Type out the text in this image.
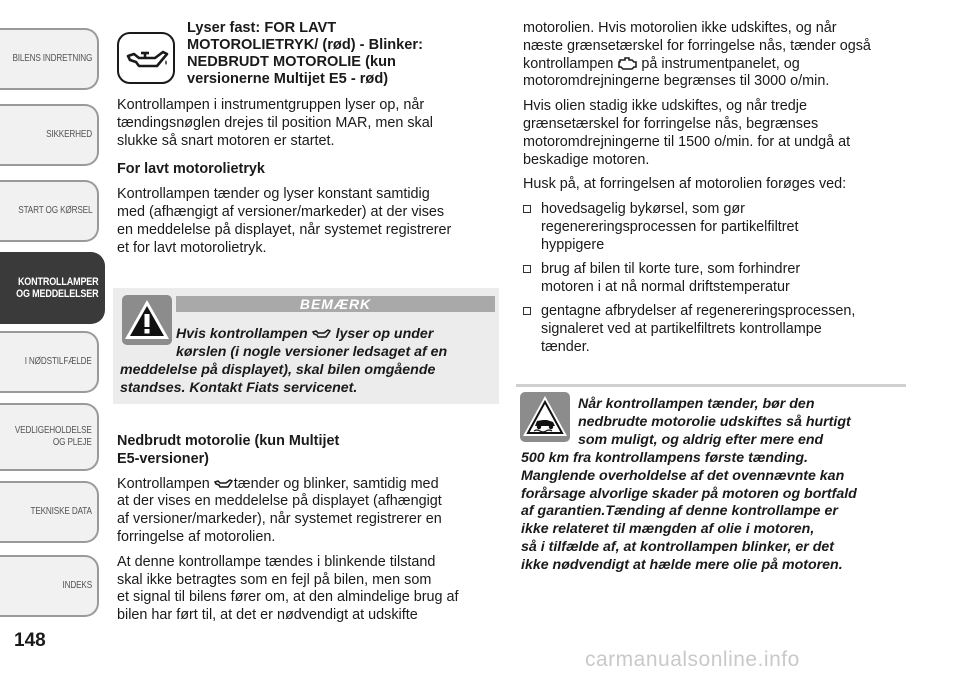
BILENS INDRETNING
SIKKERHED
START OG KØRSEL
KONTROLLAMPER
OG MEDDELELSER
I NØDSTILFÆLDE
VEDLIGEHOLDELSE
OG PLEJE
TEKNISKE DATA
INDEKS
148
Lyser fast: FOR LAVT
MOTOROLIETRYK/ (rød) - Blinker:
NEDBRUDT MOTOROLIE (kun
versionerne Multijet E5 - rød)

Kontrollampen i instrumentgruppen lyser op, når
tændingsnøglen drejes til position MAR, men skal
slukke så snart motoren er startet.

For lavt motorolietryk

Kontrollampen tænder og lyser konstant samtidig
med (afhængigt af versioner/markeder) at der vises
en meddelelse på displayet, når systemet registrerer
et for lavt motorolietryk.

BEMÆRK
Hvis kontrollampen lyser op under
kørslen (i nogle versioner ledsaget af en
meddelelse på displayet), skal bilen omgående
standses. Kontakt Fiats servicenet.

Nedbrudt motorolie (kun Multijet
E5-versioner)

Kontrollampen tænder og blinker, samtidig med
at der vises en meddelelse på displayet (afhængigt
af versioner/markeder), når systemet registrerer en
forringelse af motorolien.

At denne kontrollampe tændes i blinkende tilstand
skal ikke betragtes som en fejl på bilen, men som
et signal til bilens fører om, at den almindelige brug af
bilen har ført til, at det er nødvendigt at udskifte

motorolien. Hvis motorolien ikke udskiftes, og når
næste grænsetærskel for forringelse nås, tænder også
kontrollampen på instrumentpanelet, og
motoromdrejningerne begrænses til 3000 o/min.

Hvis olien stadig ikke udskiftes, og når tredje
grænsetærskel for forringelse nås, begrænses
motoromdrejningerne til 1500 o/min. for at undgå at
beskadige motoren.

Husk på, at forringelsen af motorolien forøges ved:

hovedsagelig bykørsel, som gør
regenereringsprocessen for partikelfiltret
hyppigere
brug af bilen til korte ture, som forhindrer
motoren i at nå normal driftstemperatur
gentagne afbrydelser af regenereringsprocessen,
signaleret ved at partikelfiltrets kontrollampe
tænder.
Når kontrollampen tænder, bør den
nedbrudte motorolie udskiftes så hurtigt
som muligt, og aldrig efter mere end
500 km fra kontrollampens første tænding.
Manglende overholdelse af det ovennævnte kan
forårsage alvorlige skader på motoren og bortfald
af garantien.Tænding af denne kontrollampe er
ikke relateret til mængden af olie i motoren,
så i tilfælde af, at kontrollampen blinker, er det
ikke nødvendigt at hælde mere olie på motoren.
carmanualsonline.info
